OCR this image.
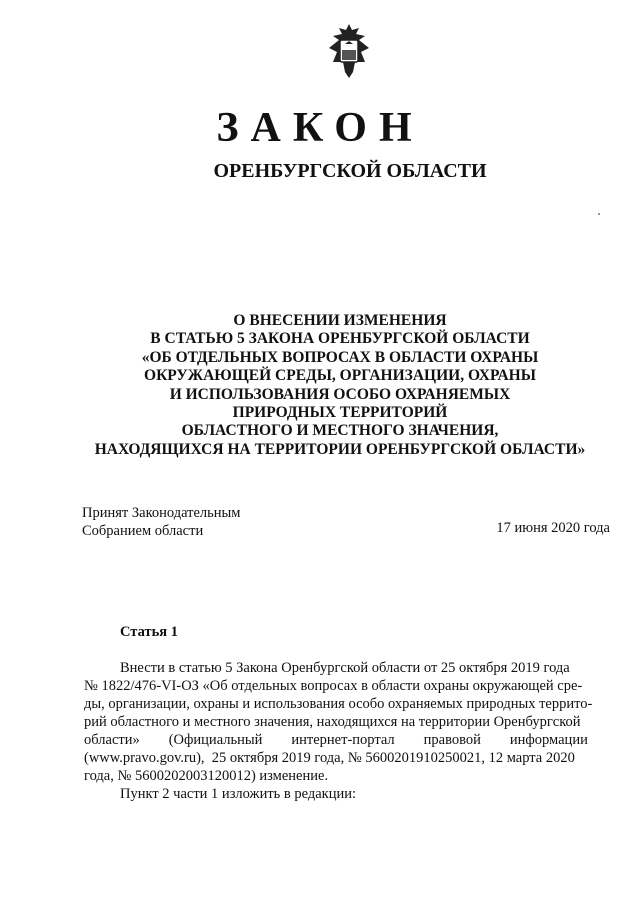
ЗАКОН
ОРЕНБУРГСКОЙ ОБЛАСТИ
О ВНЕСЕНИИ ИЗМЕНЕНИЯ
В СТАТЬЮ 5 ЗАКОНА ОРЕНБУРГСКОЙ ОБЛАСТИ
«ОБ ОТДЕЛЬНЫХ ВОПРОСАХ В ОБЛАСТИ ОХРАНЫ
ОКРУЖАЮЩЕЙ СРЕДЫ, ОРГАНИЗАЦИИ, ОХРАНЫ
И ИСПОЛЬЗОВАНИЯ ОСОБО ОХРАНЯЕМЫХ
ПРИРОДНЫХ ТЕРРИТОРИЙ
ОБЛАСТНОГО И МЕСТНОГО ЗНАЧЕНИЯ,
НАХОДЯЩИХСЯ НА ТЕРРИТОРИИ ОРЕНБУРГСКОЙ ОБЛАСТИ»
Принят Законодательным
Собранием области	17 июня 2020 года
Статья 1
Внести в статью 5 Закона Оренбургской области от 25 октября 2019 года
№ 1822/476-VI-ОЗ «Об отдельных вопросах в области охраны окружающей сре-
ды, организации, охраны и использования особо охраняемых природных террито-
рий областного и местного значения, находящихся на территории Оренбургской
области»        (Официальный        интернет-портал        правовой        информации
(www.pravo.gov.ru),  25 октября 2019 года, № 5600201910250021, 12 марта 2020
года, № 5600202003120012) изменение.
Пункт 2 части 1 изложить в редакции:
